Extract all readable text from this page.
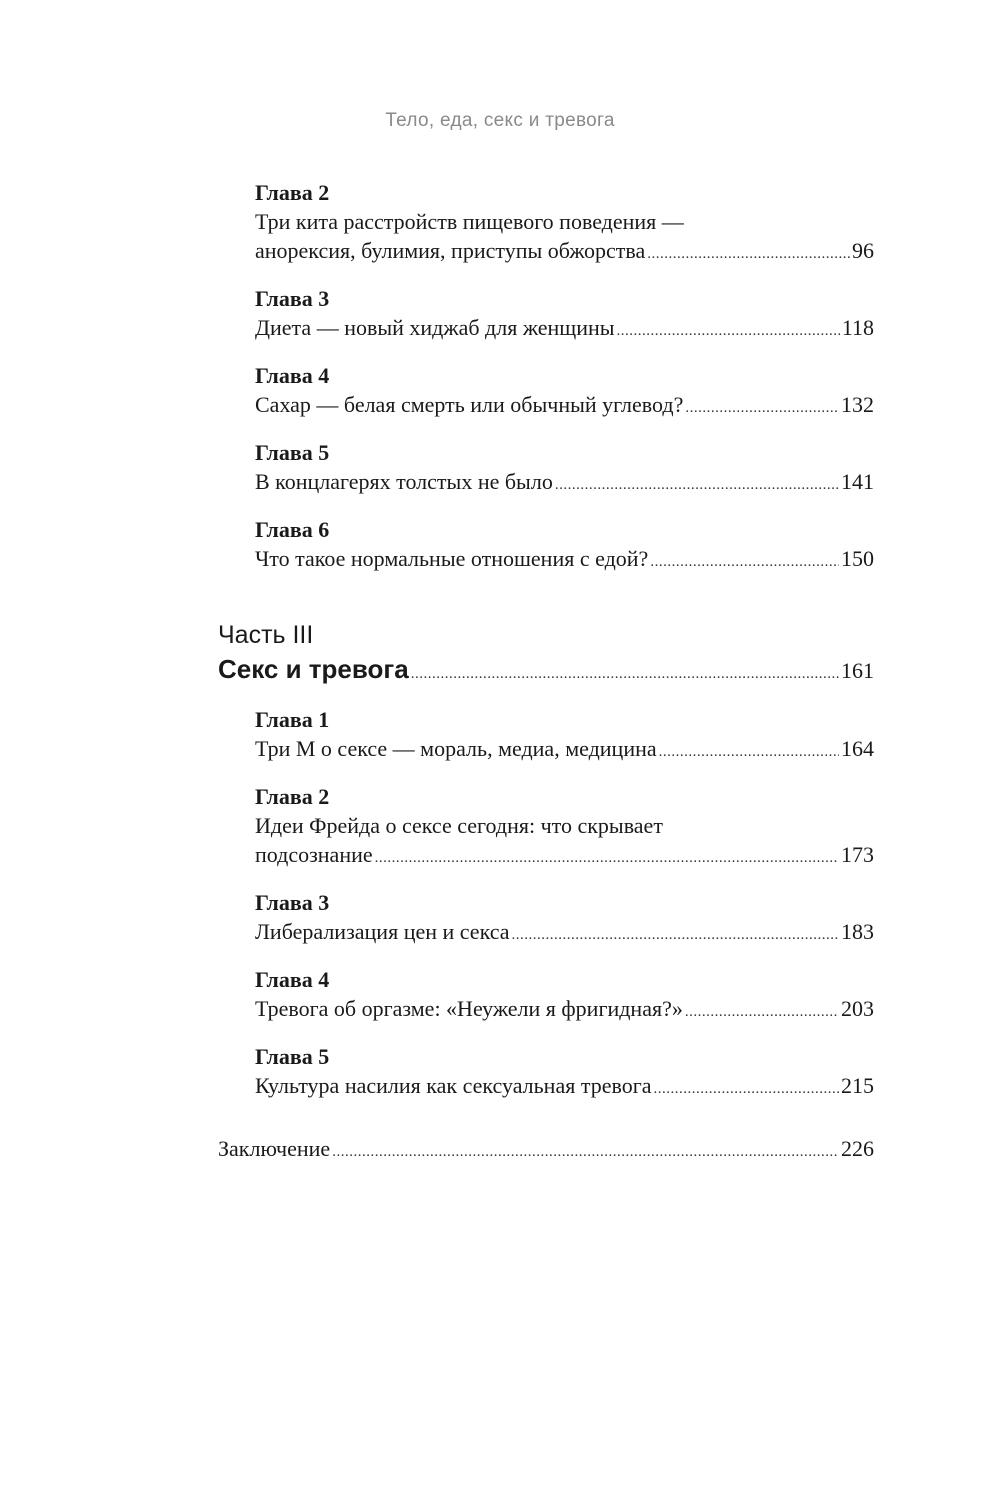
Тело, еда, секс и тревога
Глава 2
Три кита расстройств пищевого поведения —
анорексия, булимия, приступы обжорства .....	96
Глава 3
Диета — новый хиджаб для женщины .....	118
Глава 4
Сахар — белая смерть или обычный углевод? .....	132
Глава 5
В концлагерях толстых не было .....	141
Глава 6
Что такое нормальные отношения с едой? .....	150
Часть III
Секс и тревога .....	161
Глава 1
Три М о сексе — мораль, медиа, медицина .....	164
Глава 2
Идеи Фрейда о сексе сегодня: что скрывает
подсознание .....	173
Глава 3
Либерализация цен и секса .....	183
Глава 4
Тревога об оргазме: «Неужели я фригидная?» .....	203
Глава 5
Культура насилия как сексуальная тревога .....	215
Заключение .....	226
